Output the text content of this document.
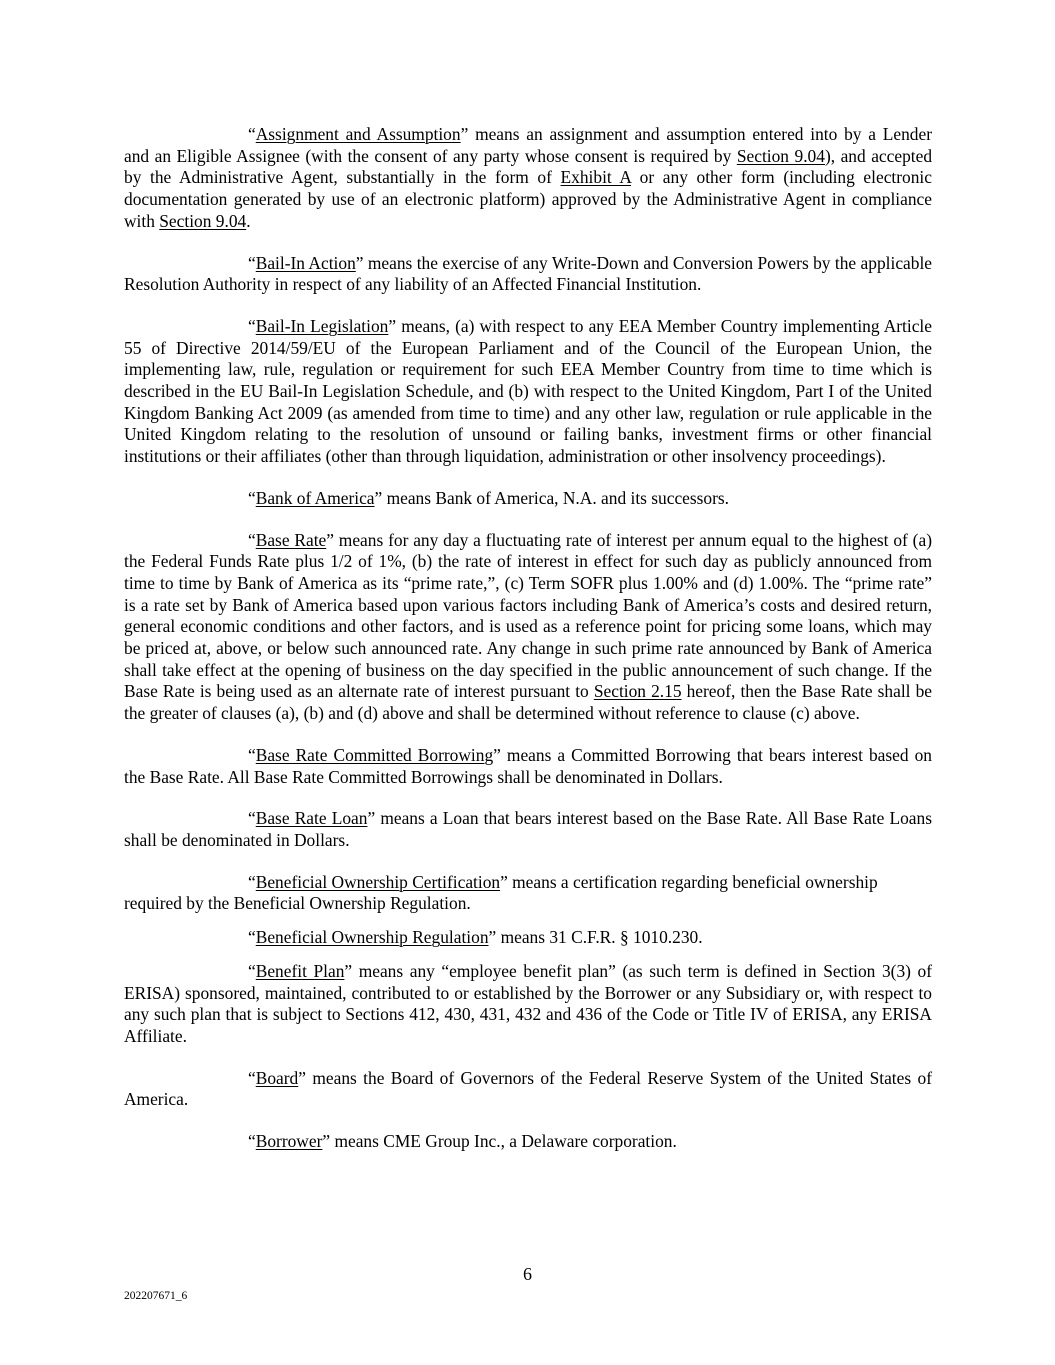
“Assignment and Assumption” means an assignment and assumption entered into by a Lender and an Eligible Assignee (with the consent of any party whose consent is required by Section 9.04), and accepted by the Administrative Agent, substantially in the form of Exhibit A or any other form (including electronic documentation generated by use of an electronic platform) approved by the Administrative Agent in compliance with Section 9.04.

“Bail-In Action” means the exercise of any Write-Down and Conversion Powers by the applicable Resolution Authority in respect of any liability of an Affected Financial Institution.

“Bail-In Legislation” means, (a) with respect to any EEA Member Country implementing Article 55 of Directive 2014/59/EU of the European Parliament and of the Council of the European Union, the implementing law, rule, regulation or requirement for such EEA Member Country from time to time which is described in the EU Bail-In Legislation Schedule, and (b) with respect to the United Kingdom, Part I of the United Kingdom Banking Act 2009 (as amended from time to time) and any other law, regulation or rule applicable in the United Kingdom relating to the resolution of unsound or failing banks, investment firms or other financial institutions or their affiliates (other than through liquidation, administration or other insolvency proceedings).

“Bank of America” means Bank of America, N.A. and its successors.

“Base Rate” means for any day a fluctuating rate of interest per annum equal to the highest of (a) the Federal Funds Rate plus 1/2 of 1%, (b) the rate of interest in effect for such day as publicly announced from time to time by Bank of America as its “prime rate,”, (c) Term SOFR plus 1.00% and (d) 1.00%. The “prime rate” is a rate set by Bank of America based upon various factors including Bank of America’s costs and desired return, general economic conditions and other factors, and is used as a reference point for pricing some loans, which may be priced at, above, or below such announced rate. Any change in such prime rate announced by Bank of America shall take effect at the opening of business on the day specified in the public announcement of such change. If the Base Rate is being used as an alternate rate of interest pursuant to Section 2.15 hereof, then the Base Rate shall be the greater of clauses (a), (b) and (d) above and shall be determined without reference to clause (c) above.

“Base Rate Committed Borrowing” means a Committed Borrowing that bears interest based on the Base Rate. All Base Rate Committed Borrowings shall be denominated in Dollars.

“Base Rate Loan” means a Loan that bears interest based on the Base Rate. All Base Rate Loans shall be denominated in Dollars.

“Beneficial Ownership Certification” means a certification regarding beneficial ownership required by the Beneficial Ownership Regulation.

“Beneficial Ownership Regulation” means 31 C.F.R. § 1010.230.

“Benefit Plan” means any “employee benefit plan” (as such term is defined in Section 3(3) of ERISA) sponsored, maintained, contributed to or established by the Borrower or any Subsidiary or, with respect to any such plan that is subject to Sections 412, 430, 431, 432 and 436 of the Code or Title IV of ERISA, any ERISA Affiliate.

“Board” means the Board of Governors of the Federal Reserve System of the United States of America.

“Borrower” means CME Group Inc., a Delaware corporation.

6
202207671_6
